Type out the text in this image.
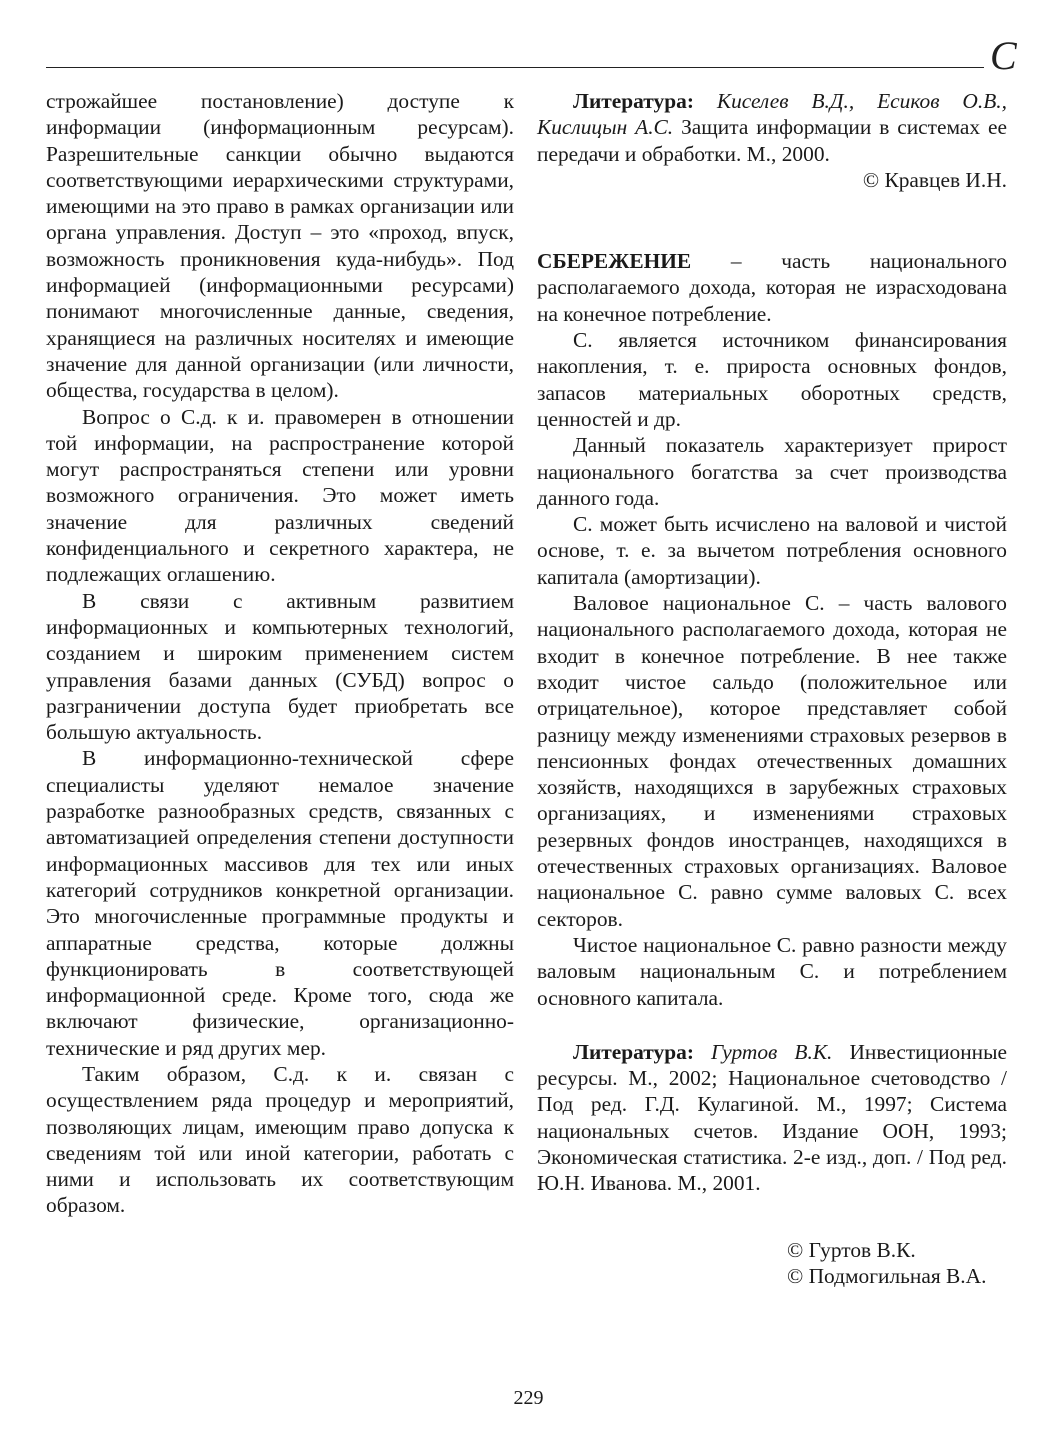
С

строжайшее постановление) доступе к информации (информационным ресурсам). Разрешительные санкции обычно выдаются соответствующими иерархическими структурами, имеющими на это право в рамках организации или органа управления. Доступ – это «проход, впуск, возможность проникновения куда-нибудь». Под информацией (информационными ресурсами) понимают многочисленные данные, сведения, хранящиеся на различных носителях и имеющие значение для данной организации (или личности, общества, государства в целом).

Вопрос о С.д. к и. правомерен в отношении той информации, на распространение которой могут распространяться степени или уровни возможного ограничения. Это может иметь значение для различных сведений конфиденциального и секретного характера, не подлежащих оглашению.

В связи с активным развитием информационных и компьютерных технологий, созданием и широким применением систем управления базами данных (СУБД) вопрос о разграничении доступа будет приобретать все большую актуальность.

В информационно-технической сфере специалисты уделяют немалое значение разработке разнообразных средств, связанных с автоматизацией определения степени доступности информационных массивов для тех или иных категорий сотрудников конкретной организации. Это многочисленные программные продукты и аппаратные средства, которые должны функционировать в соответствующей информационной среде. Кроме того, сюда же включают физические, организационно-технические и ряд других мер.

Таким образом, С.д. к и. связан с осуществлением ряда процедур и мероприятий, позволяющих лицам, имеющим право допуска к сведениям той или иной категории, работать с ними и использовать их соответствующим образом.

Литература: Киселев В.Д., Есиков О.В., Кислицын А.С. Защита информации в системах ее передачи и обработки. М., 2000.

© Кравцев И.Н.

СБЕРЕЖЕНИЕ – часть национального располагаемого дохода, которая не израсходована на конечное потребление.

С. является источником финансирования накопления, т. е. прироста основных фондов, запасов материальных оборотных средств, ценностей и др.

Данный показатель характеризует прирост национального богатства за счет производства данного года.

С. может быть исчислено на валовой и чистой основе, т. е. за вычетом потребления основного капитала (амортизации).

Валовое национальное С. – часть валового национального располагаемого дохода, которая не входит в конечное потребление. В нее также входит чистое сальдо (положительное или отрицательное), которое представляет собой разницу между изменениями страховых резервов в пенсионных фондах отечественных домашних хозяйств, находящихся в зарубежных страховых организациях, и изменениями страховых резервных фондов иностранцев, находящихся в отечественных страховых организациях. Валовое национальное С. равно сумме валовых С. всех секторов.

Чистое национальное С. равно разности между валовым национальным С. и потреблением основного капитала.

Литература: Гуртов В.К. Инвестиционные ресурсы. М., 2002; Национальное счетоводство / Под ред. Г.Д. Кулагиной. М., 1997; Система национальных счетов. Издание ООН, 1993; Экономическая статистика. 2-е изд., доп. / Под ред. Ю.Н. Иванова. М., 2001.

© Гуртов В.К.
© Подмогильная В.А.
229
